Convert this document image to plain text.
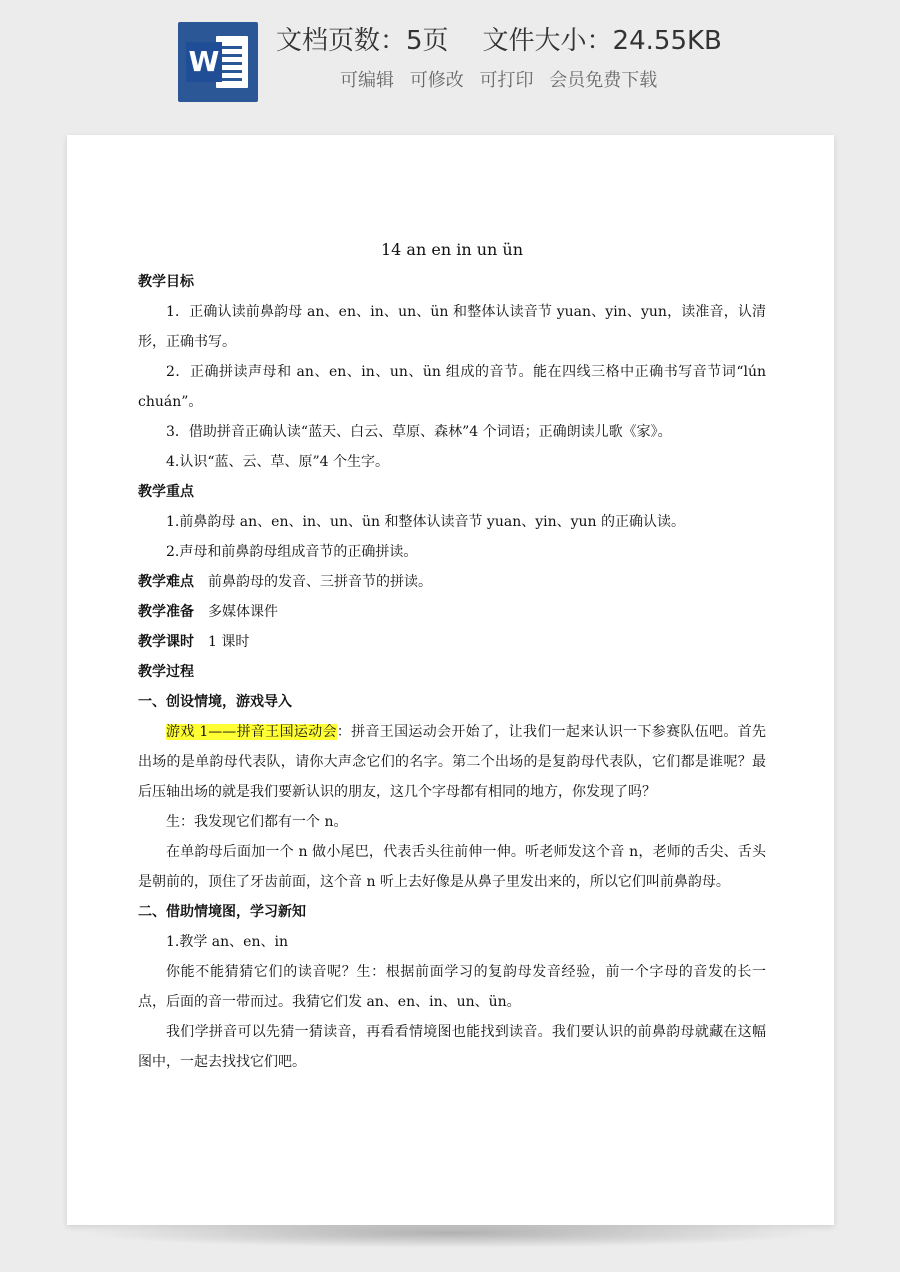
W
文档页数：5页 文件大小：24.55KB
可编辑 可修改 可打印 会员免费下载
14 an en in un ün
教学目标
1．正确认读前鼻韵母 an、en、in、un、ün 和整体认读音节 yuan、yin、yun，读准音，认清形，正确书写。
2．正确拼读声母和 an、en、in、un、ün 组成的音节。能在四线三格中正确书写音节词“lún chuán”。
3．借助拼音正确认读“蓝天、白云、草原、森林”4 个词语；正确朗读儿歌《家》。
4.认识“蓝、云、草、原”4 个生字。
教学重点
1.前鼻韵母 an、en、in、un、ün 和整体认读音节 yuan、yin、yun 的正确认读。
2.声母和前鼻韵母组成音节的正确拼读。
教学难点 前鼻韵母的发音、三拼音节的拼读。
教学准备 多媒体课件
教学课时 1 课时
教学过程
一、创设情境，游戏导入
游戏 1——拼音王国运动会：拼音王国运动会开始了，让我们一起来认识一下参赛队伍吧。首先出场的是单韵母代表队，请你大声念它们的名字。第二个出场的是复韵母代表队，它们都是谁呢？最后压轴出场的就是我们要新认识的朋友，这几个字母都有相同的地方，你发现了吗？
生：我发现它们都有一个 n。
在单韵母后面加一个 n 做小尾巴，代表舌头往前伸一伸。听老师发这个音 n，老师的舌尖、舌头是朝前的，顶住了牙齿前面，这个音 n 听上去好像是从鼻子里发出来的，所以它们叫前鼻韵母。
二、借助情境图，学习新知
1.教学 an、en、in
你能不能猜猜它们的读音呢？生：根据前面学习的复韵母发音经验，前一个字母的音发的长一点，后面的音一带而过。我猜它们发 an、en、in、un、ün。
我们学拼音可以先猜一猜读音，再看看情境图也能找到读音。我们要认识的前鼻韵母就藏在这幅图中，一起去找找它们吧。
